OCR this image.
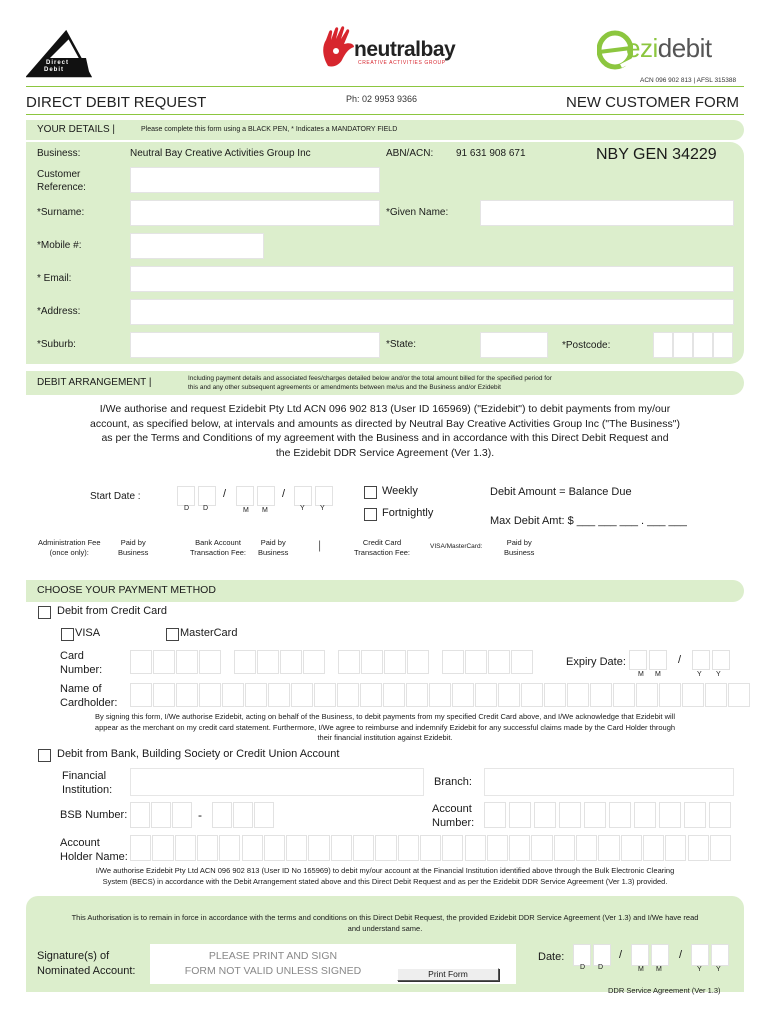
Direct
Debit
neutralbay
CREATIVE ACTIVITIES GROUP	ezidebit
ACN 096 902 813 | AFSL 315388
DIRECT DEBIT REQUEST	Ph: 02 9953 9366	NEW CUSTOMER FORM
YOUR DETAILS |	Please complete this form using a BLACK PEN, * Indicates a MANDATORY FIELD
Business:	Neutral Bay Creative Activities Group Inc	ABN/ACN: 91 631 908 671	NBY GEN 34229
Customer
Reference:
*Surname:	*Given Name:
*Mobile #:
* Email:
*Address:
*Suburb:	*State:	*Postcode:
DEBIT ARRANGEMENT |	Including payment details and associated fees/charges detailed below and/or the total amount billed for the specified period for
this and any other subsequent agreements or amendments between me/us and the Business and/or Ezidebit
I/We authorise and request Ezidebit Pty Ltd ACN 096 902 813 (User ID 165969) ("Ezidebit") to debit payments from my/our
account, as specified below, at intervals and amounts as directed by Neutral Bay Creative Activities Group Inc ("The Business")
as per the Terms and Conditions of my agreement with the Business and in accordance with this Direct Debit Request and
the Ezidebit DDR Service Agreement (Ver 1.3).
Start Date :	/	/
D D	M M	Y Y
Weekly
Fortnightly
Debit Amount = Balance Due
Max Debit Amt: $ ___ ___ ___ . ___ ___
Administration Fee
(once only):
Paid by
Business
Bank Account
Transaction Fee:
Paid by
Business
|	Credit Card
Transaction Fee:
VISA/MasterCard:	Paid by
Business
CHOOSE YOUR PAYMENT METHOD
Debit from Credit Card
VISA	MasterCard
Card
Number:
Expiry Date:	/
M M	Y Y
Name of
Cardholder:
By signing this form, I/We authorise Ezidebit, acting on behalf of the Business, to debit payments from my specified Credit Card above, and I/We acknowledge that Ezidebit will
appear as the merchant on my credit card statement. Furthermore, I/We agree to reimburse and indemnify Ezidebit for any successful claims made by the Card Holder through
their financial institution against Ezidebit.
Debit from Bank, Building Society or Credit Union Account
Financial
Institution:
Branch:
BSB Number:	-	Account
Number:
Account
Holder Name:
I/We authorise Ezidebit Pty Ltd ACN 096 902 813 (User ID No 165969) to debit my/our account at the Financial Institution identified above through the Bulk Electronic Clearing
System (BECS) in accordance with the Debit Arrangement stated above and this Direct Debit Request and as per the Ezidebit DDR Service Agreement (Ver 1.3) provided.
This Authorisation is to remain in force in accordance with the terms and conditions on this Direct Debit Request, the provided Ezidebit DDR Service Agreement (Ver 1.3) and I/We have read
and understand same.
Signature(s) of
Nominated Account:
PLEASE PRINT AND SIGN
FORM NOT VALID UNLESS SIGNED	Print Form
Date:	/	/
D D	M M	Y Y
DDR Service Agreement (Ver 1.3)
